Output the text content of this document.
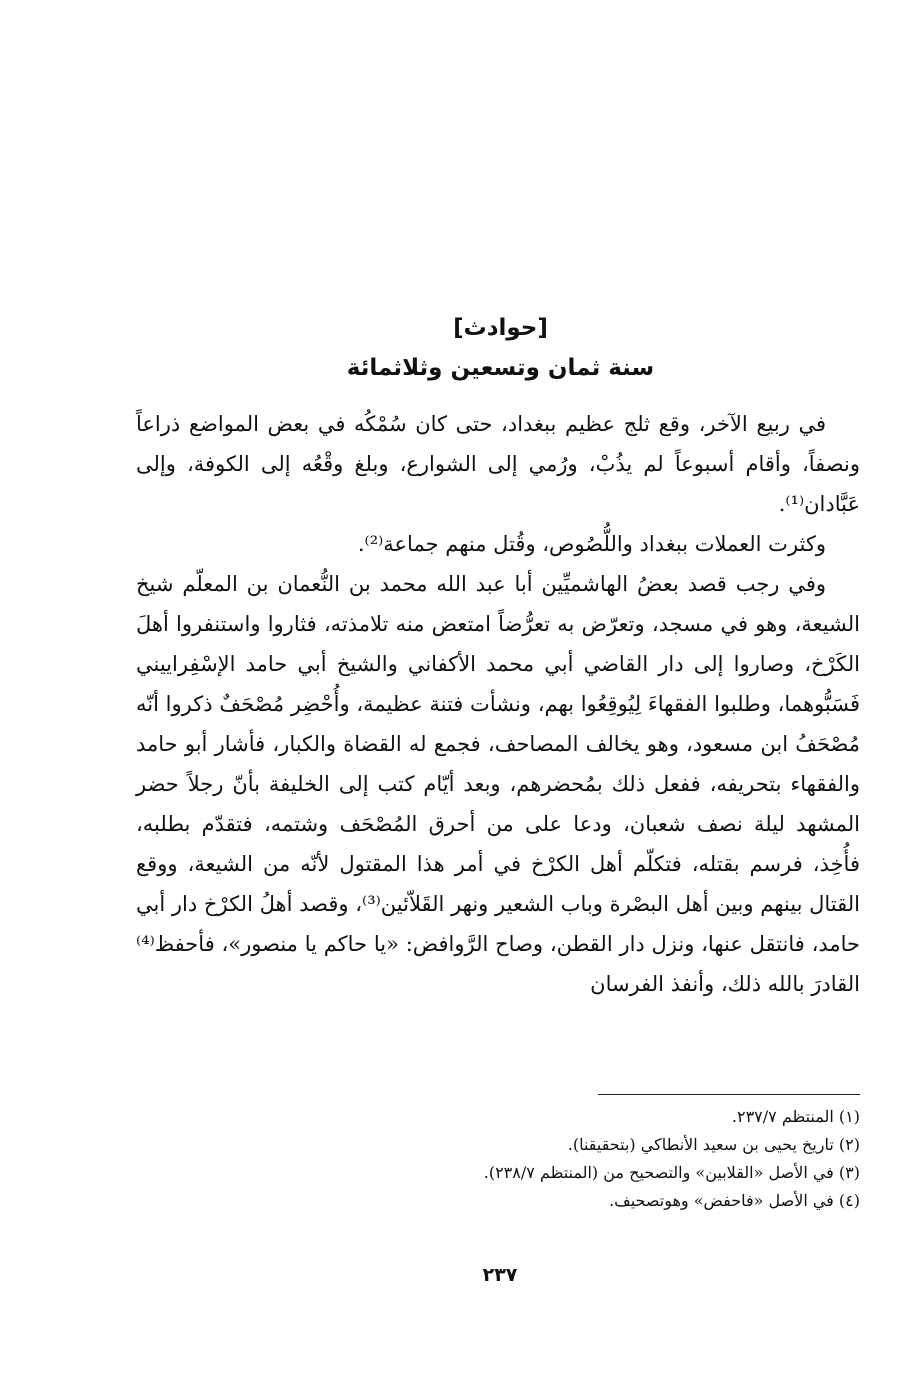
[حوادث]

سنة ثمان وتسعين وثلاثمائة

في ربيع الآخر، وقع ثلج عظيم ببغداد، حتى كان سُمْكُه في بعض المواضع ذراعاً ونصفاً، وأقام أسبوعاً لم يذُبْ، ورُمي إلى الشوارع، وبلغ وقْعُه إلى الكوفة، وإلى عَبَّادان⁽¹⁾.

وكثرت العملات ببغداد واللُّصُوص، وقُتل منهم جماعة⁽²⁾.

وفي رجب قصد بعضُ الهاشميِّين أبا عبد الله محمد بن النُّعمان بن المعلّم شيخ الشيعة، وهو في مسجد، وتعرّض به تعرُّضاً امتعض منه تلامذته، فثاروا واستنفروا أهلَ الكَرْخ، وصاروا إلى دار القاضي أبي محمد الأكفاني والشيخ أبي حامد الإسْفِراييني فَسَبُّوهما، وطلبوا الفقهاءَ لِيُوقِعُوا بهم، ونشأت فتنة عظيمة، وأُحْضِر مُصْحَفٌ ذكروا أنّه مُصْحَفُ ابن مسعود، وهو يخالف المصاحف، فجمع له القضاة والكبار، فأشار أبو حامد والفقهاء بتحريفه، ففعل ذلك بمُحضرهم، وبعد أيّام كتب إلى الخليفة بأنّ رجلاً حضر المشهد ليلة نصف شعبان، ودعا على من أحرق المُصْحَف وشتمه، فتقدّم بطلبه، فأُخِذ، فرسم بقتله، فتكلّم أهل الكرْخ في أمر هذا المقتول لأنّه من الشيعة، ووقع القتال بينهم وبين أهل البصْرة وباب الشعير ونهر القَلاّئين⁽³⁾، وقصد أهلُ الكرْخ دار أبي حامد، فانتقل عنها، ونزل دار القطن، وصاح الرَّوافض: «يا حاكم يا منصور»، فأحفظ⁽⁴⁾ القادرَ بالله ذلك، وأنفذ الفرسان

(١) المنتظم ٢٣٧/٧.

(٢) تاريخ يحيى بن سعيد الأنطاكي (بتحقيقنا).

(٣) في الأصل «القلابين» والتصحيح من (المنتظم ٢٣٨/٧).

(٤) في الأصل «فاحفض» وهوتصحيف.

٢٣٧
